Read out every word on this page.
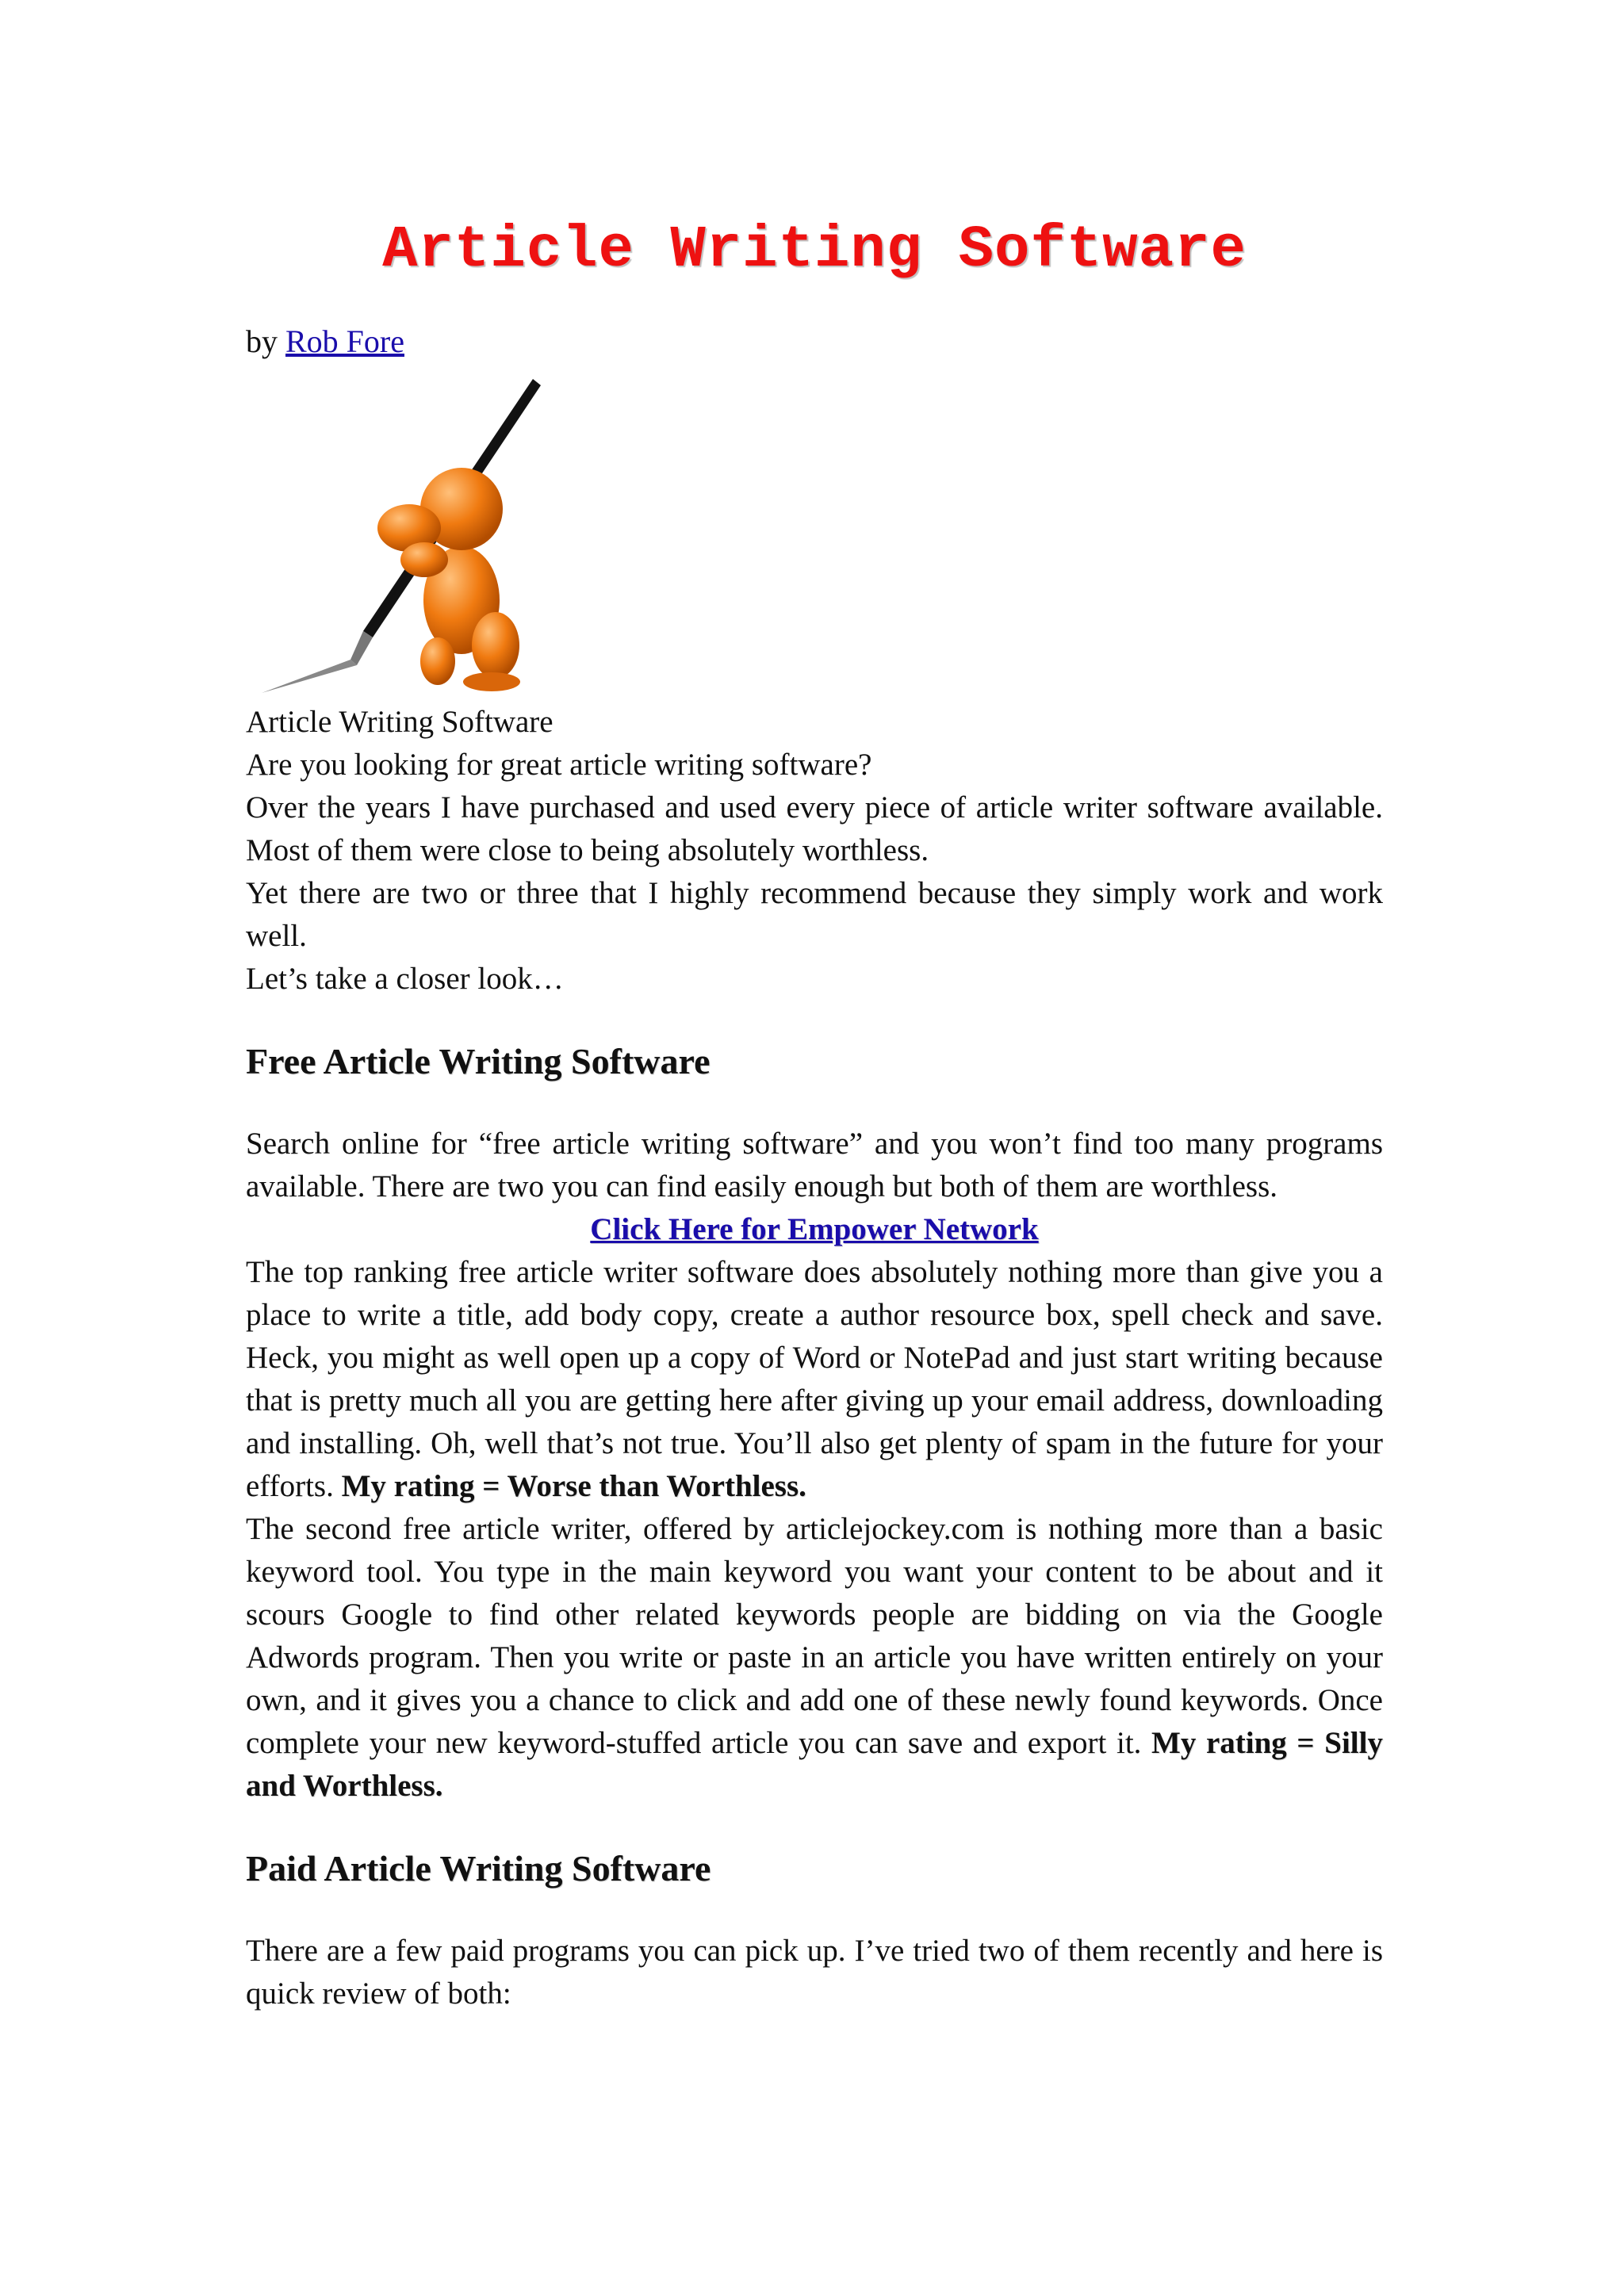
Article Writing Software
by Rob Fore

Article Writing Software

Are you looking for great article writing software?

Over the years I have purchased and used every piece of article writer software available. Most of them were close to being absolutely worthless.

Yet there are two or three that I highly recommend because they simply work and work well.

Let’s take a closer look…

Free Article Writing Software

Search online for “free article writing software” and you won’t find too many programs available. There are two you can find easily enough but both of them are worthless.

Click Here for Empower Network

The top ranking free article writer software does absolutely nothing more than give you a place to write a title, add body copy, create a author resource box, spell check and save. Heck, you might as well open up a copy of Word or NotePad and just start writing because that is pretty much all you are getting here after giving up your email address, downloading and installing. Oh, well that’s not true. You’ll also get plenty of spam in the future for your efforts. My rating = Worse than Worthless.

The second free article writer, offered by articlejockey.com is nothing more than a basic keyword tool. You type in the main keyword you want your content to be about and it scours Google to find other related keywords people are bidding on via the Google Adwords program. Then you write or paste in an article you have written entirely on your own, and it gives you a chance to click and add one of these newly found keywords. Once complete your new keyword-stuffed article you can save and export it. My rating = Silly and Worthless.

Paid Article Writing Software

There are a few paid programs you can pick up. I’ve tried two of them recently and here is quick review of both:
